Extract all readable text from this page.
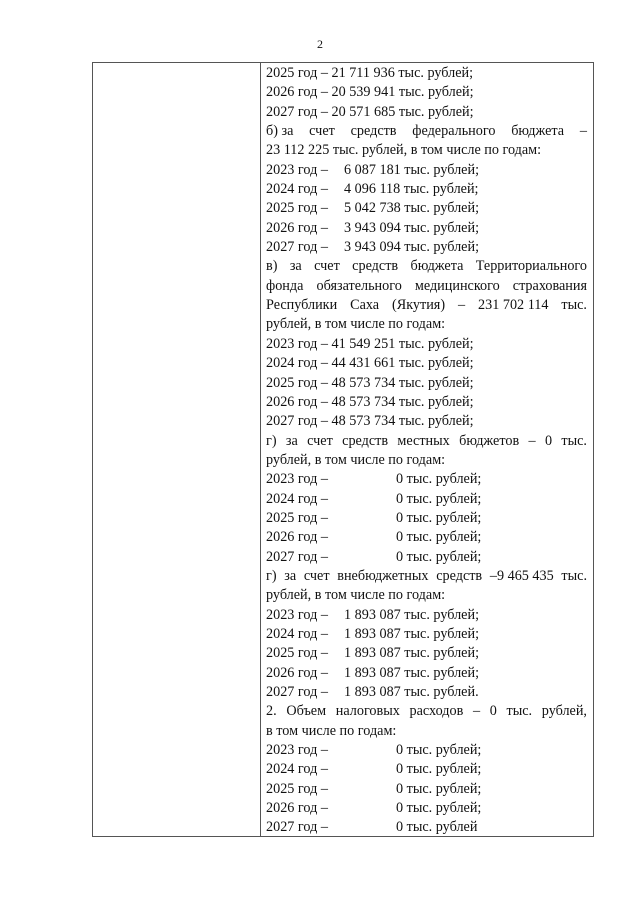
2
2025 год – 21 711 936 тыс. рублей;
2026 год – 20 539 941 тыс. рублей;
2027 год – 20 571 685 тыс. рублей;
б) за счет средств федерального бюджета –
23 112 225 тыс. рублей, в том числе по годам:
2023 год –	6 087 181 тыс. рублей;
2024 год –	4 096 118 тыс. рублей;
2025 год –	5 042 738 тыс. рублей;
2026 год –	3 943 094 тыс. рублей;
2027 год –	3 943 094 тыс. рублей;
в) за счет средств бюджета Территориального
фонда обязательного медицинского страхования
Республики Саха (Якутия) – 231 702 114 тыс.
рублей, в том числе по годам:
2023 год – 41 549 251 тыс. рублей;
2024 год – 44 431 661 тыс. рублей;
2025 год – 48 573 734 тыс. рублей;
2026 год – 48 573 734 тыс. рублей;
2027 год – 48 573 734 тыс. рублей;
г) за счет средств местных бюджетов – 0 тыс.
рублей, в том числе по годам:
2023 год –	0 тыс. рублей;
2024 год –	0 тыс. рублей;
2025 год –	0 тыс. рублей;
2026 год –	0 тыс. рублей;
2027 год –	0 тыс. рублей;
г) за счет внебюджетных средств –9 465 435 тыс.
рублей, в том числе по годам:
2023 год –	1 893 087 тыс. рублей;
2024 год –	1 893 087 тыс. рублей;
2025 год –	1 893 087 тыс. рублей;
2026 год –	1 893 087 тыс. рублей;
2027 год –	1 893 087 тыс. рублей.
2. Объем налоговых расходов – 0 тыс. рублей,
в том числе по годам:
2023 год –	0 тыс. рублей;
2024 год –	0 тыс. рублей;
2025 год –	0 тыс. рублей;
2026 год –	0 тыс. рублей;
2027 год –	0 тыс. рублей
